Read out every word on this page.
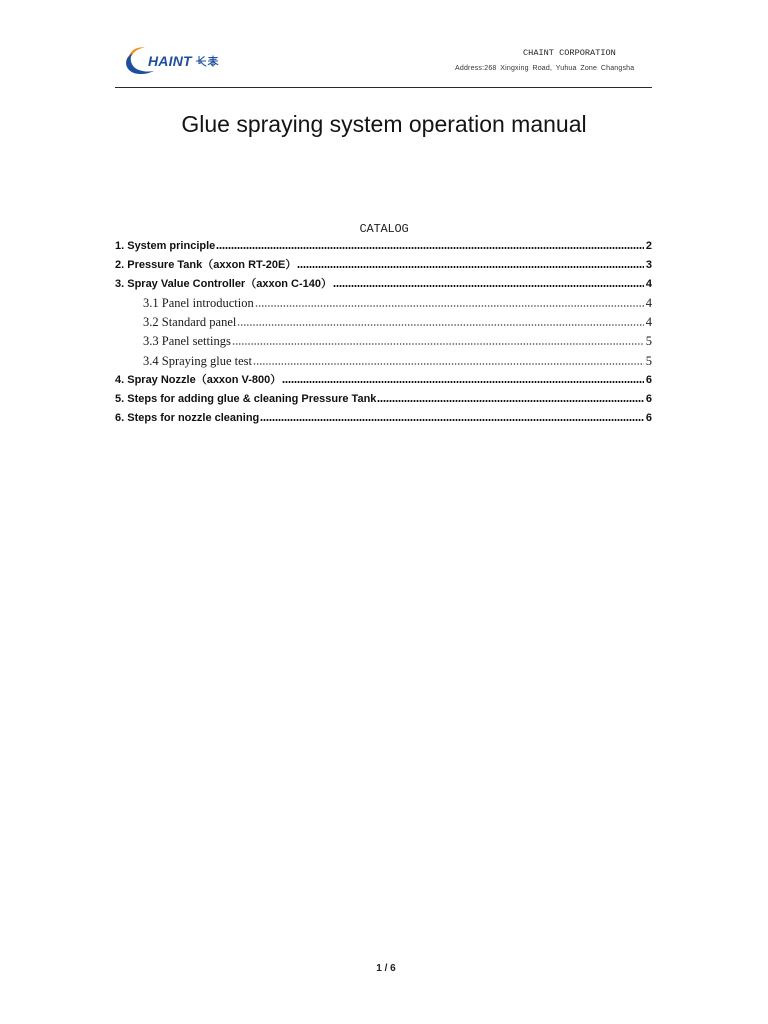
HAINT	CHAINT CORPORATION
Address:268 Xingxing Road, Yuhua Zone Changsha
Glue spraying system operation manual
CATALOG
1. System principle	2
2. Pressure Tank（axxon RT-20E）	3
3. Spray Value Controller（axxon C-140）	4
3.1 Panel introduction	4
3.2 Standard panel	4
3.3 Panel settings	5
3.4 Spraying glue test	5
4. Spray Nozzle（axxon V-800）	6
5. Steps for adding glue & cleaning Pressure Tank	6
6. Steps for nozzle cleaning	6
1 / 6
